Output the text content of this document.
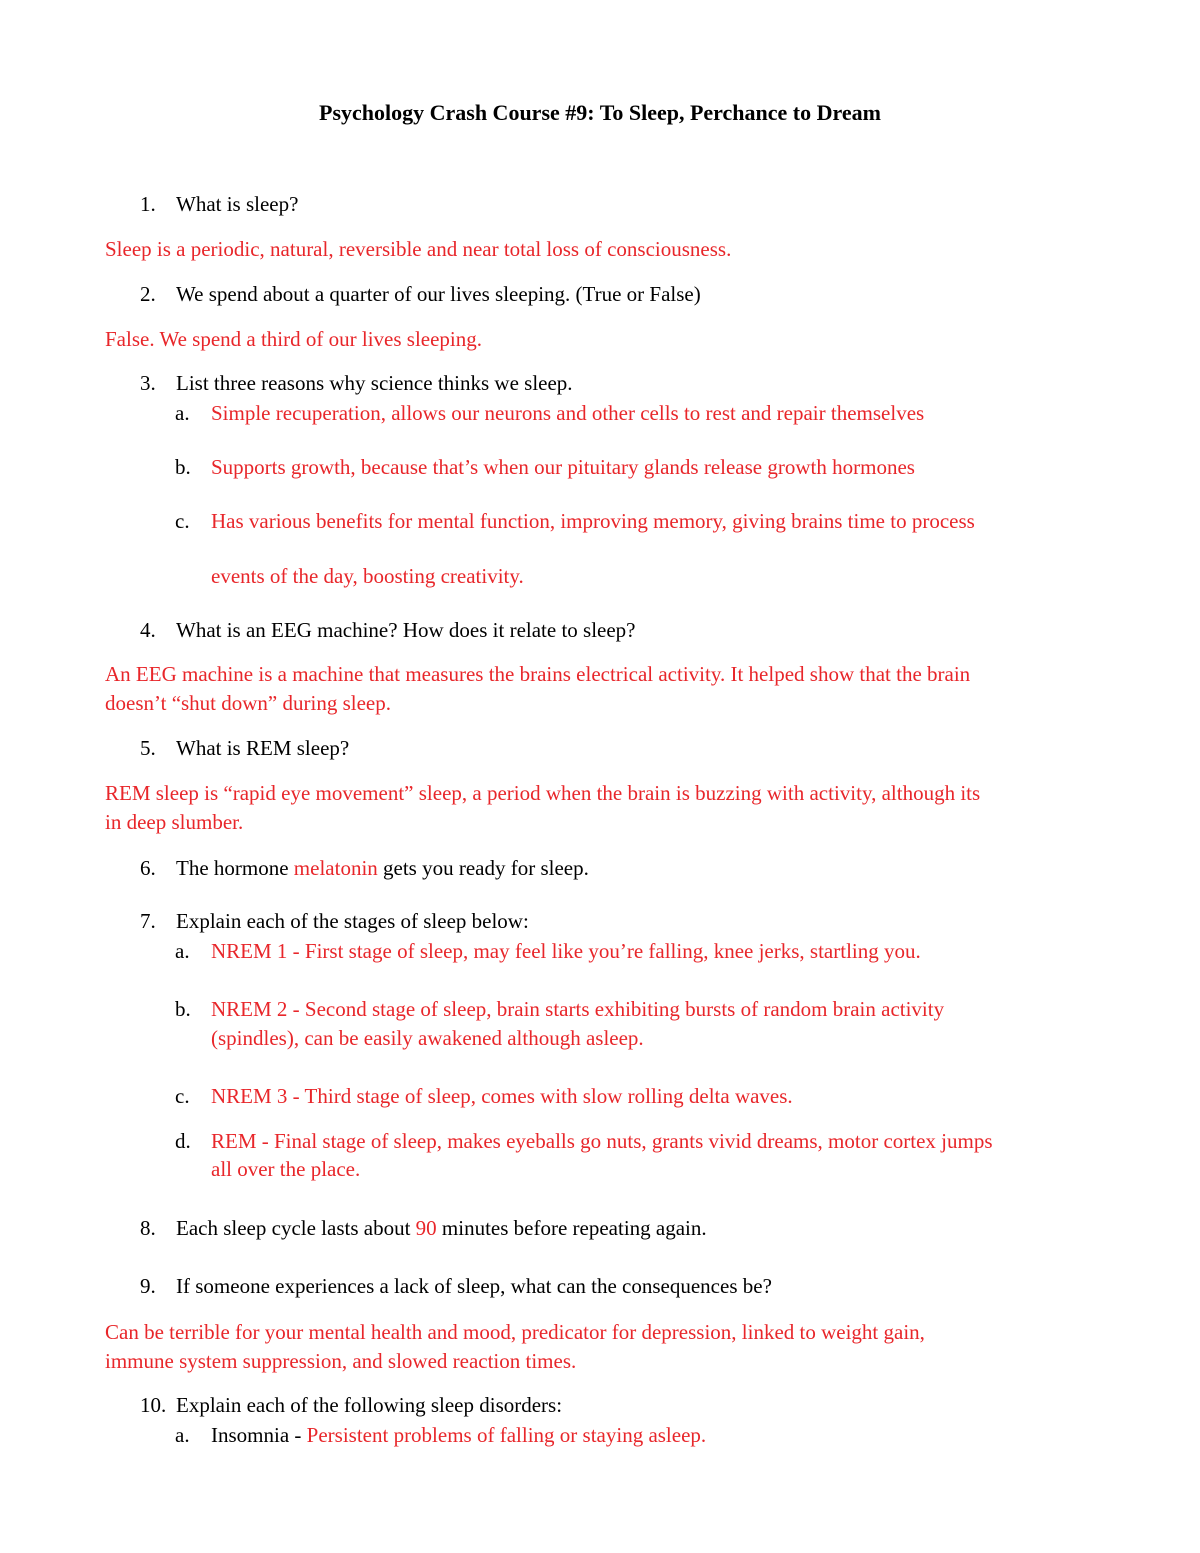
Psychology Crash Course #9: To Sleep, Perchance to Dream
1. What is sleep?
Sleep is a periodic, natural, reversible and near total loss of consciousness.
2. We spend about a quarter of our lives sleeping. (True or False)
False. We spend a third of our lives sleeping.
3. List three reasons why science thinks we sleep.
a. Simple recuperation, allows our neurons and other cells to rest and repair themselves
b. Supports growth, because that’s when our pituitary glands release growth hormones
c. Has various benefits for mental function, improving memory, giving brains time to process
events of the day, boosting creativity.
4. What is an EEG machine? How does it relate to sleep?
An EEG machine is a machine that measures the brains electrical activity. It helped show that the brain
doesn’t “shut down” during sleep.
5. What is REM sleep?
REM sleep is “rapid eye movement” sleep, a period when the brain is buzzing with activity, although its
in deep slumber.
6. The hormone melatonin gets you ready for sleep.
7. Explain each of the stages of sleep below:
a. NREM 1 - First stage of sleep, may feel like you’re falling, knee jerks, startling you.
b. NREM 2 - Second stage of sleep, brain starts exhibiting bursts of random brain activity
(spindles), can be easily awakened although asleep.
c. NREM 3 - Third stage of sleep, comes with slow rolling delta waves.
d. REM - Final stage of sleep, makes eyeballs go nuts, grants vivid dreams, motor cortex jumps
all over the place.
8. Each sleep cycle lasts about 90 minutes before repeating again.
9. If someone experiences a lack of sleep, what can the consequences be?
Can be terrible for your mental health and mood, predicator for depression, linked to weight gain,
immune system suppression, and slowed reaction times.
10. Explain each of the following sleep disorders:
a. Insomnia - Persistent problems of falling or staying asleep.
